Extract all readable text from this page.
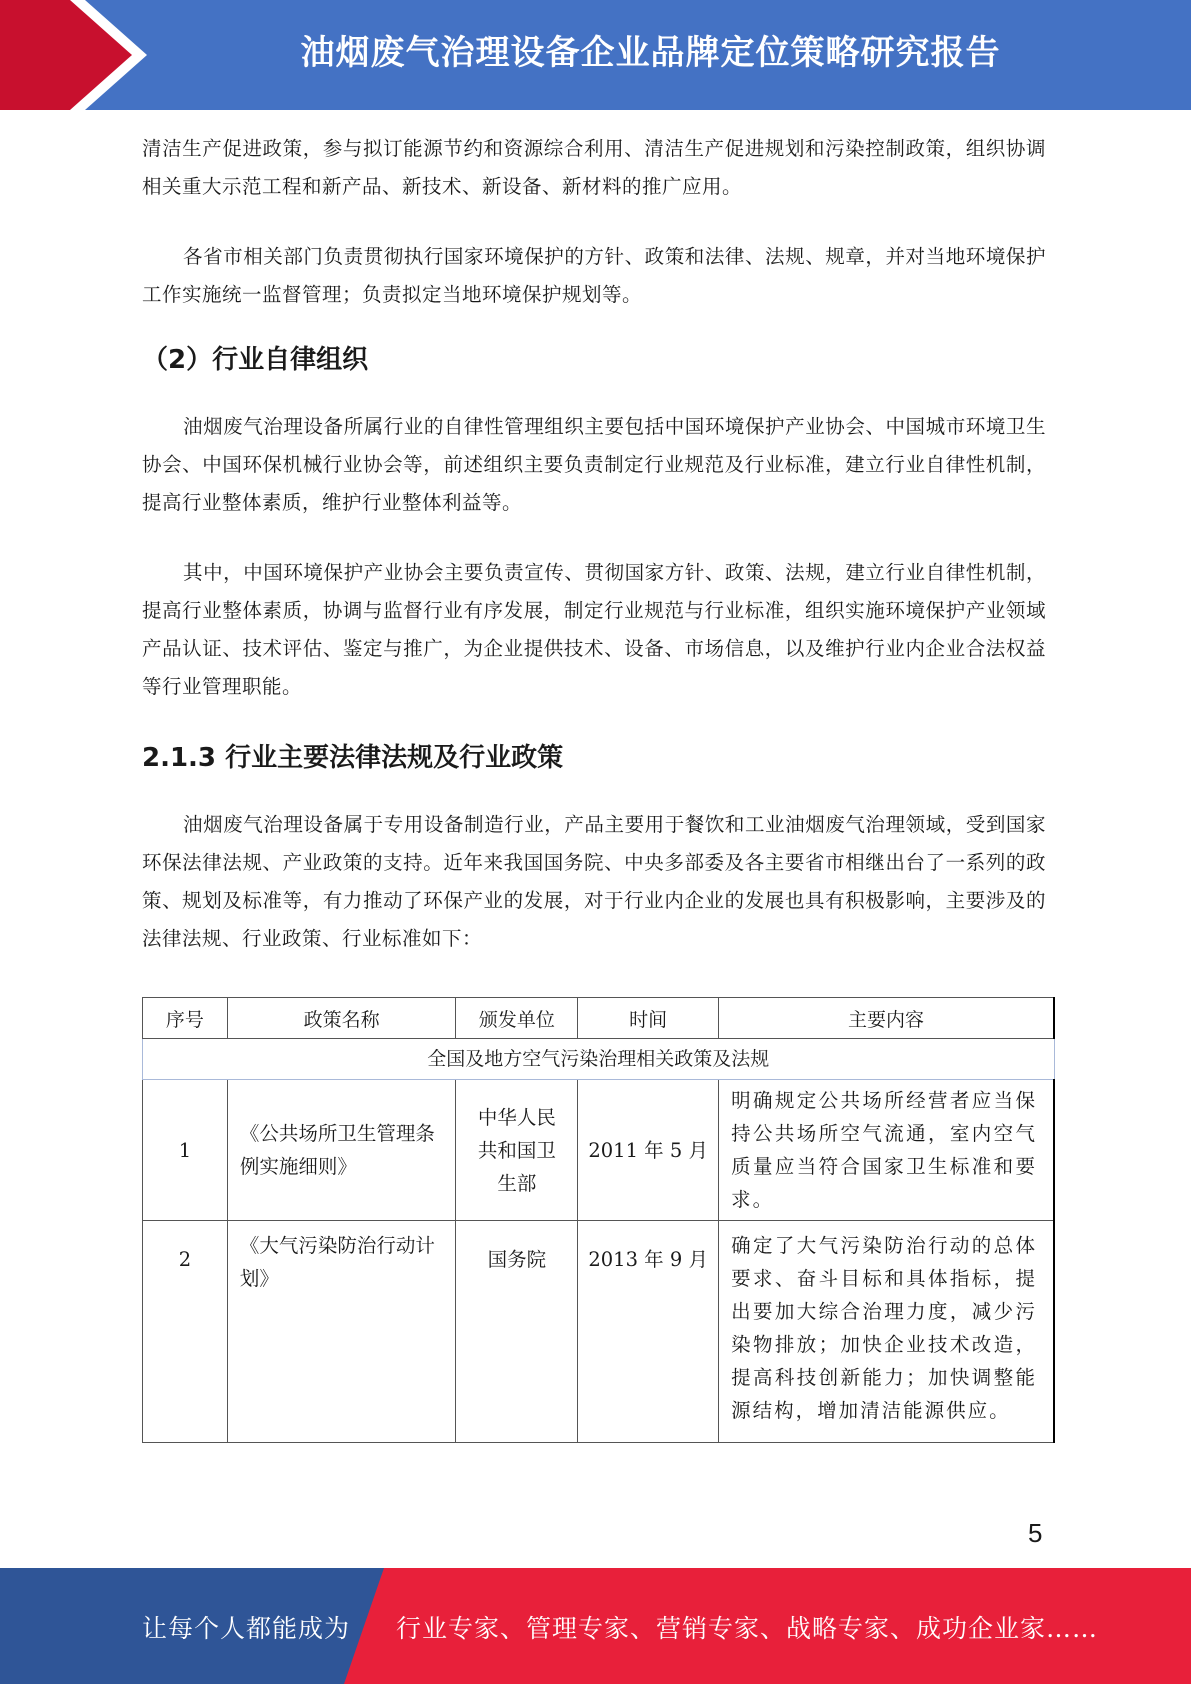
油烟废气治理设备企业品牌定位策略研究报告

清洁生产促进政策，参与拟订能源节约和资源综合利用、清洁生产促进规划和污染控制政策，组织协调相关重大示范工程和新产品、新技术、新设备、新材料的推广应用。

各省市相关部门负责贯彻执行国家环境保护的方针、政策和法律、法规、规章，并对当地环境保护工作实施统一监督管理；负责拟定当地环境保护规划等。

（2）行业自律组织

油烟废气治理设备所属行业的自律性管理组织主要包括中国环境保护产业协会、中国城市环境卫生协会、中国环保机械行业协会等，前述组织主要负责制定行业规范及行业标准，建立行业自律性机制，提高行业整体素质，维护行业整体利益等。

其中，中国环境保护产业协会主要负责宣传、贯彻国家方针、政策、法规，建立行业自律性机制，提高行业整体素质，协调与监督行业有序发展，制定行业规范与行业标准，组织实施环境保护产业领域产品认证、技术评估、鉴定与推广，为企业提供技术、设备、市场信息，以及维护行业内企业合法权益等行业管理职能。

2.1.3 行业主要法律法规及行业政策

油烟废气治理设备属于专用设备制造行业，产品主要用于餐饮和工业油烟废气治理领域，受到国家环保法律法规、产业政策的支持。近年来我国国务院、中央多部委及各主要省市相继出台了一系列的政策、规划及标准等，有力推动了环保产业的发展，对于行业内企业的发展也具有积极影响，主要涉及的法律法规、行业政策、行业标准如下：

序号	政策名称	颁发单位	时间	主要内容
全国及地方空气污染治理相关政策及法规				
1	《公共场所卫生管理条例实施细则》	中华人民共和国卫生部	2011 年 5 月	明确规定公共场所经营者应当保 持公共场所空气流通，室内空气 质量应当符合国家卫生标准和要 求。
2	《大气污染防治行动计划》	国务院	2013 年 9 月	确定了大气污染防治行动的总体 要求、奋斗目标和具体指标，提出要加大综合治理力度，减少污 染物排放；加快企业技术改造， 提高科技创新能力；加快调整能 源结构，增加清洁能源供应。
5
让每个人都能成为 行业专家、管理专家、营销专家、战略专家、成功企业家……
